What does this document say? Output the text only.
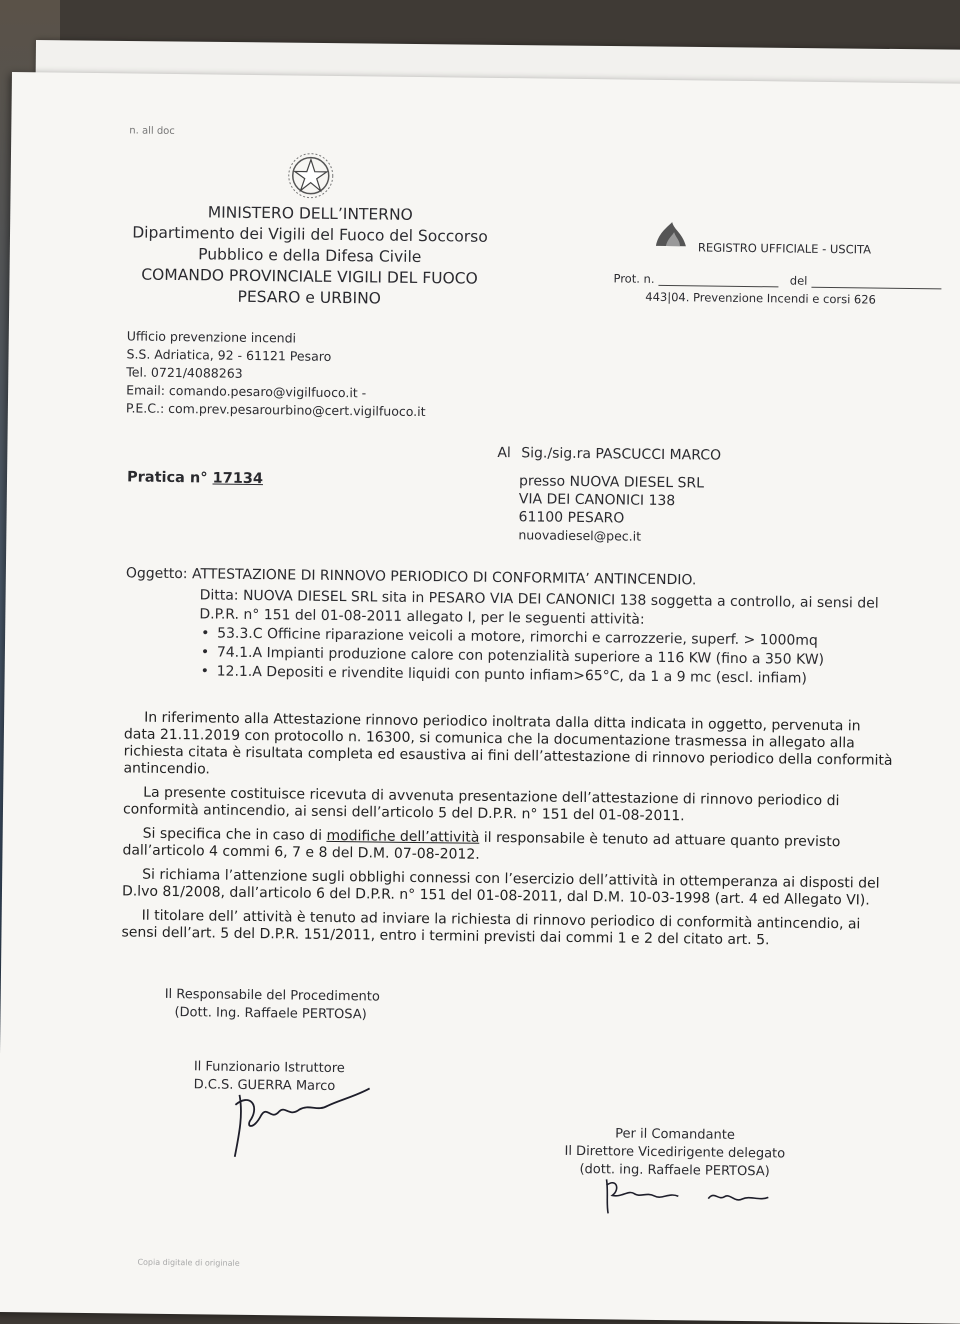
n. all doc
MINISTERO DELL’INTERNO
Dipartimento dei Vigili del Fuoco del Soccorso
Pubblico e della Difesa Civile
COMANDO PROVINCIALE VIGILI DEL FUOCO
PESARO e URBINO
REGISTRO UFFICIALE - USCITA
Prot. n.	del
443|04. Prevenzione Incendi e corsi 626
Ufficio prevenzione incendi
S.S. Adriatica, 92 - 61121 Pesaro
Tel. 0721/4088263
Email: comando.pesaro@vigilfuoco.it -
P.E.C.: com.prev.pesarourbino@cert.vigilfuoco.it
Al Sig./sig.ra PASCUCCI MARCO
presso NUOVA DIESEL SRL
VIA DEI CANONICI 138
61100 PESARO
nuovadiesel@pec.it
Pratica n° 17134
Oggetto: ATTESTAZIONE DI RINNOVO PERIODICO DI CONFORMITA’ ANTINCENDIO.
Ditta: NUOVA DIESEL SRL sita in PESARO VIA DEI CANONICI 138 soggetta a controllo, ai sensi del
D.P.R. n° 151 del 01-08-2011 allegato I, per le seguenti attività:
• 53.3.C Officine riparazione veicoli a motore, rimorchi e carrozzerie, superf. > 1000mq
• 74.1.A Impianti produzione calore con potenzialità superiore a 116 KW (fino a 350 KW)
• 12.1.A Depositi e rivendite liquidi con punto infiam>65°C, da 1 a 9 mc (escl. infiam)

In riferimento alla Attestazione rinnovo periodico inoltrata dalla ditta indicata in oggetto, pervenuta in data 21.11.2019 con protocollo n. 16300, si comunica che la documentazione trasmessa in allegato alla richiesta citata è risultata completa ed esaustiva ai fini dell’attestazione di rinnovo periodico della conformità antincendio.

La presente costituisce ricevuta di avvenuta presentazione dell’attestazione di rinnovo periodico di conformità antincendio, ai sensi dell’articolo 5 del D.P.R. n° 151 del 01-08-2011.

Si specifica che in caso di modifiche dell’attività il responsabile è tenuto ad attuare quanto previsto dall’articolo 4 commi 6, 7 e 8 del D.M. 07-08-2012.

Si richiama l’attenzione sugli obblighi connessi con l’esercizio dell’attività in ottemperanza ai disposti del D.lvo 81/2008, dall’articolo 6 del D.P.R. n° 151 del 01-08-2011, dal D.M. 10-03-1998 (art. 4 ed Allegato VI).

Il titolare dell’ attività è tenuto ad inviare la richiesta di rinnovo periodico di conformità antincendio, ai sensi dell’art. 5 del D.P.R. 151/2011, entro i termini previsti dai commi 1 e 2 del citato art. 5.

Il Responsabile del Procedimento
(Dott. Ing. Raffaele PERTOSA)
Il Funzionario Istruttore
D.C.S. GUERRA Marco
Per il Comandante
Il Direttore Vicedirigente delegato
(dott. ing. Raffaele PERTOSA)
Copia digitale di originale
